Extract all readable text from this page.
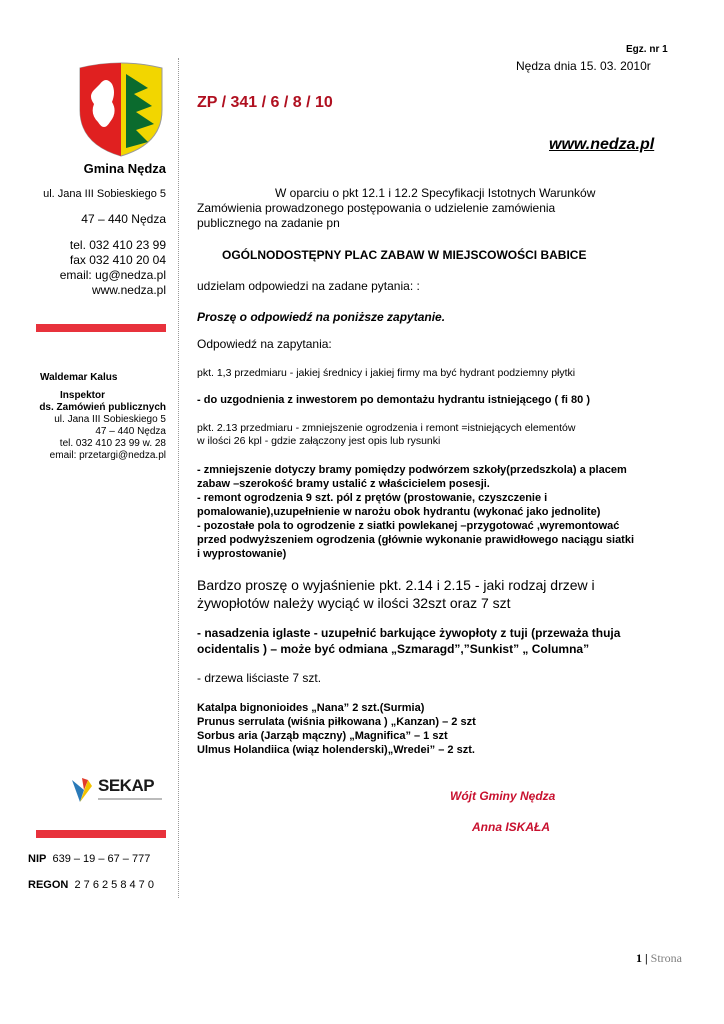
Gmina Nędza
ul. Jana III Sobieskiego 5
47 – 440 Nędza
tel. 032 410 23 99
fax 032 410 20 04
email: ug@nedza.pl
www.nedza.pl
Waldemar Kalus
Inspektor
ds. Zamówień publicznych
ul. Jana III Sobieskiego 5
47 – 440 Nędza
tel. 032 410 23 99 w. 28
email: przetargi@nedza.pl
SEKAP
NIP 639 – 19 – 67 – 777
REGON 2 7 6 2 5 8 4 7 0
Egz. nr 1
Nędza dnia 15. 03. 2010r
ZP / 341 / 6 / 8 / 10
www.nedza.pl
W oparciu o pkt 12.1 i 12.2 Specyfikacji Istotnych Warunków
Zamówienia prowadzonego postępowania o udzielenie zamówienia
publicznego na zadanie pn
OGÓLNODOSTĘPNY PLAC ZABAW W MIEJSCOWOŚCI BABICE
udzielam odpowiedzi na zadane pytania: :
Proszę o odpowiedź na poniższe zapytanie.
Odpowiedź na zapytania:
pkt. 1,3 przedmiaru - jakiej średnicy i jakiej firmy ma być hydrant podziemny płytki
- do uzgodnienia z inwestorem po demontażu hydrantu istniejącego ( fi 80 )
pkt. 2.13 przedmiaru - zmniejszenie ogrodzenia i remont =istniejących elementów
w ilości 26 kpl - gdzie załączony jest opis lub rysunki
- zmniejszenie dotyczy bramy pomiędzy podwórzem szkoły(przedszkola) a placem
zabaw –szerokość bramy ustalić z właścicielem posesji.
- remont ogrodzenia 9 szt. pól z prętów (prostowanie, czyszczenie i
pomalowanie),uzupełnienie w narożu obok hydrantu (wykonać jako jednolite)
- pozostałe pola to ogrodzenie z siatki powlekanej –przygotować ,wyremontować
przed podwyższeniem ogrodzenia (głównie wykonanie prawidłowego naciągu siatki
i wyprostowanie)
Bardzo proszę o wyjaśnienie pkt. 2.14 i 2.15 - jaki rodzaj drzew i
żywopłotów należy wyciąć w ilości 32szt oraz 7 szt
- nasadzenia iglaste - uzupełnić barkujące żywopłoty z tuji (przeważa thuja
ocidentalis ) – może być odmiana „Szmaragd”,”Sunkist” „ Columna”
- drzewa liściaste 7 szt.
Katalpa bignonioides „Nana” 2 szt.(Surmia)
Prunus serrulata (wiśnia piłkowana ) „Kanzan) – 2 szt
Sorbus aria (Jarząb mączny) „Magnifica” – 1 szt
Ulmus Holandiica (wiąz holenderski)„Wredei” – 2 szt.
Wójt Gminy Nędza
Anna ISKAŁA
1 | Strona
